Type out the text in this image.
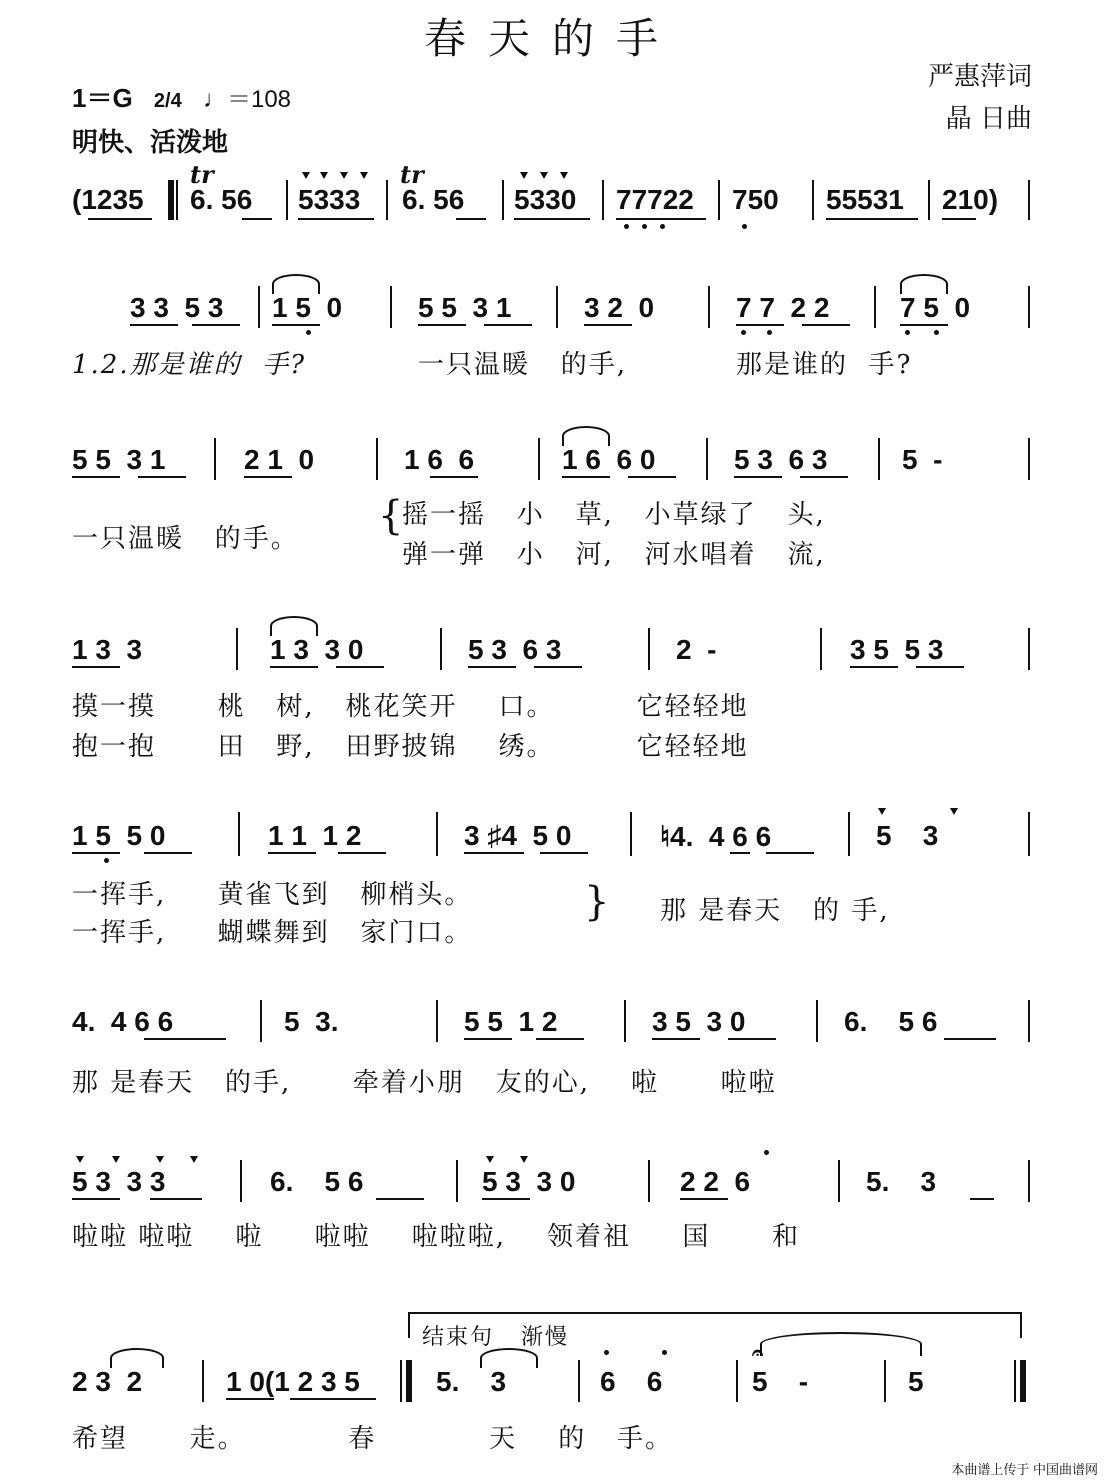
春天的手
严惠萍词
晶 日曲
1＝G 2/4 ♩＝108
明快、活泼地
tr	tr
(1235 6. 56 5333 6. 56 5330 77722 750 55531 210)
3 3  5 3 1 5  0	5 5  3 1	3 2  0	7 7  2 2	7 5  0
1.2.那是谁的  手?	一只温暖   的手,	那是谁的  手?
5 5  3 1	2 1  0	1 6  6	1 6  6 0	5 3  6 3	5  -
一只温暖   的手。 {
摇一摇   小   草,   小草绿了   头,
弹一弹   小   河,   河水唱着   流,
1 3  3	1 3  3 0	5 3  6 3	2  -	3 5  5 3
摸一摸      桃   树,   桃花笑开    口。        它轻轻地
抱一抱      田   野,   田野披锦    绣。        它轻轻地
1 5  5 0	1 1  1 2	3 ♯4  5 0	♮4.  4 6 6	5    3
一挥手,     黄雀飞到   柳梢头。
一挥手,     蝴蝶舞到   家门口。
} 那 是春天   的 手,
4.  4 6 6	5  3.	5 5  1 2	3 5  3 0	6.    5 6
那 是春天   的手,      牵着小朋   友的心,    啦      啦啦
5 3  3 3	6.    5 6	5 3  3 0	2 2  6	5.    3
啦啦 啦啦    啦     啦啦    啦啦啦,    领着祖     国      和
结束句   渐慢
2 3  2	1 0(1 2 3 5	5.    3	6    6	5    -	5
𝄐
希望      走。          春           天    的   手。
本曲谱上传于 中国曲谱网
